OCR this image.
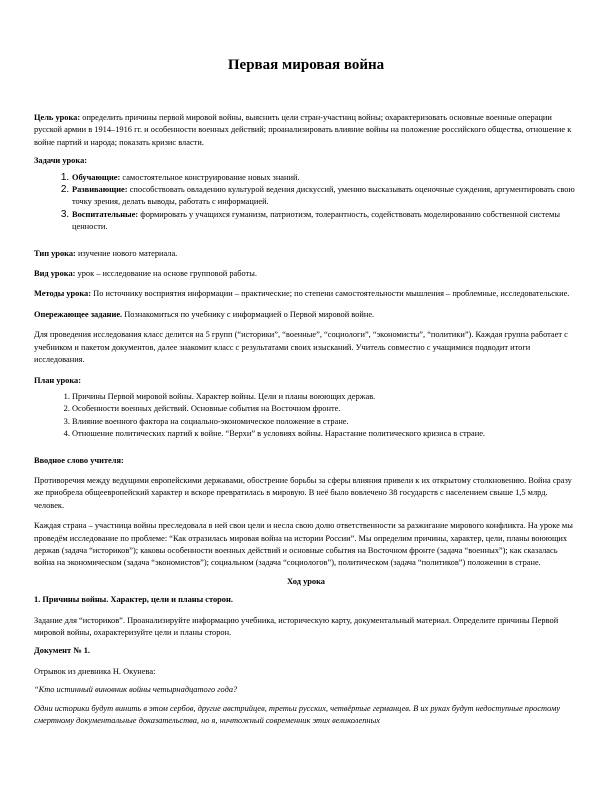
Первая мировая война

Цель урока: определить причины первой мировой войны, выяснить цели стран-участниц войны; охарактеризовать основные военные операции русской армии в 1914–1916 гг. и особенности военных действий; проанализировать влияние войны на положение российского общества, отношение к войне партий и народа; показать кризис власти.

Задачи урока:

1. Обучающие: самостоятельное конструирование новых знаний.
2. Развивающие: способствовать овладению культурой ведения дискуссий, умению высказывать оценочные суждения, аргументировать свою точку зрения, делать выводы, работать с информацией.
3. Воспитательные: формировать у учащихся гуманизм, патриотизм, толерантность, содействовать моделированию собственной системы ценности.

Тип урока: изучение нового материала.

Вид урока: урок – исследование на основе групповой работы.

Методы урока: По источнику восприятия информации – практические; по степени самостоятельности мышления – проблемные, исследовательские.

Опережающее задание. Познакомиться по учебнику с информацией о Первой мировой войне.

Для проведения исследования класс делится на 5 групп (“историки”, “военные”, “социологи”, “экономисты”, “политики”). Каждая группа работает с учебником и пакетом документов, далее знакомит класс с результатами своих изысканий. Учитель совместно с учащимися подводит итоги исследования.

План урока:

1. Причины Первой мировой войны. Характер войны. Цели и планы воюющих держав.
2. Особенности военных действий. Основные события на Восточном фронте.
3. Влияние военного фактора на социально-экономическое положение в стране.
4. Отношение политических партий к войне. “Верхи” в условиях войны. Нарастание политического кризиса в стране.

Вводное слово учителя:

Противоречия между ведущими европейскими державами, обострение борьбы за сферы влияния привели к их открытому столкновению. Война сразу же приобрела общеевропейский характер и вскоре превратилась в мировую. В неё было вовлечено 38 государств с населением свыше 1,5 млрд. человек.

Каждая страна – участница войны преследовала в ней свои цели и несла свою долю ответственности за разжигание мирового конфликта. На уроке мы проведём исследование по проблеме: “Как отразилась мировая война на истории России”. Мы определим причины, характер, цели, планы воюющих держав (задача “историков”); каковы особенности военных действий и основные события на Восточном фронте (задача “военных”); как сказалась война на экономическом (задача “экономистов”); социальном (задача “социологов”), политическом (задача “политиков”) положении в стране.

Ход урока

1. Причины войны. Характер, цели и планы сторон.

Задание для “историков”. Проанализируйте информацию учебника, историческую карту, документальный материал. Определите причины Первой мировой войны, охарактеризуйте цели и планы сторон.

Документ № 1.

Отрывок из дневника Н. Окунева:

“Кто истинный виновник войны четырнадцатого года?

Одни историки будут винить в этом сербов, другие австрийцев, третьи русских, четвёртые германцев. В их руках будут недоступные простому смертному документальные доказательства, но я, ничтожный современник этих великолепных
